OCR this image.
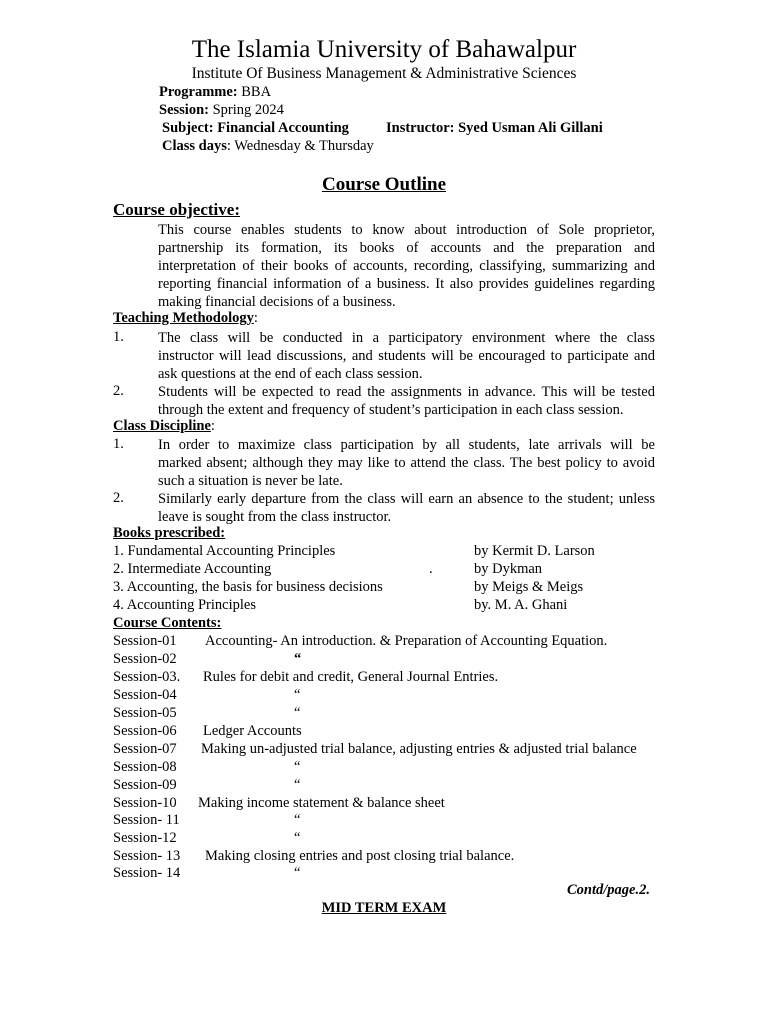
The Islamia University of Bahawalpur
Institute Of Business Management & Administrative Sciences
Programme: BBA
Session: Spring 2024
Subject: Financial Accounting	Instructor: Syed Usman Ali Gillani
Class days: Wednesday & Thursday
Course Outline
Course objective:
This course enables students to know about introduction of Sole proprietor,
partnership its formation, its books of accounts and the preparation and
interpretation of their books of accounts, recording, classifying, summarizing and
reporting financial information of a business. It also provides guidelines regarding
making financial decisions of a business.
Teaching Methodology:
1. The class will be conducted in a participatory environment where the class
instructor will lead discussions, and students will be encouraged to participate and
ask questions at the end of each class session.
2. Students will be expected to read the assignments in advance. This will be tested
through the extent and frequency of student’s participation in each class session.
Class Discipline:
1. In order to maximize class participation by all students, late arrivals will be
marked absent; although they may like to attend the class. The best policy to avoid
such a situation is never be late.
2. Similarly early departure from the class will earn an absence to the student; unless
leave is sought from the class instructor.
Books prescribed:
1. Fundamental Accounting Principles	by Kermit D. Larson
2. Intermediate Accounting	.	by Dykman
3. Accounting, the basis for business decisions	by Meigs & Meigs
4. Accounting Principles	by. M. A. Ghani
Course Contents:
Session-01 Accounting- An introduction. & Preparation of Accounting Equation.
Session-02	“
Session-03. Rules for debit and credit, General Journal Entries.
Session-04	“
Session-05	“
Session-06 Ledger Accounts
Session-07 Making un-adjusted trial balance, adjusting entries & adjusted trial balance
Session-08	“
Session-09	“
Session-10 Making income statement & balance sheet
Session- 11	“
Session-12	“
Session- 13 Making closing entries and post closing trial balance.
Session- 14	“
Contd/page.2.
MID TERM EXAM
